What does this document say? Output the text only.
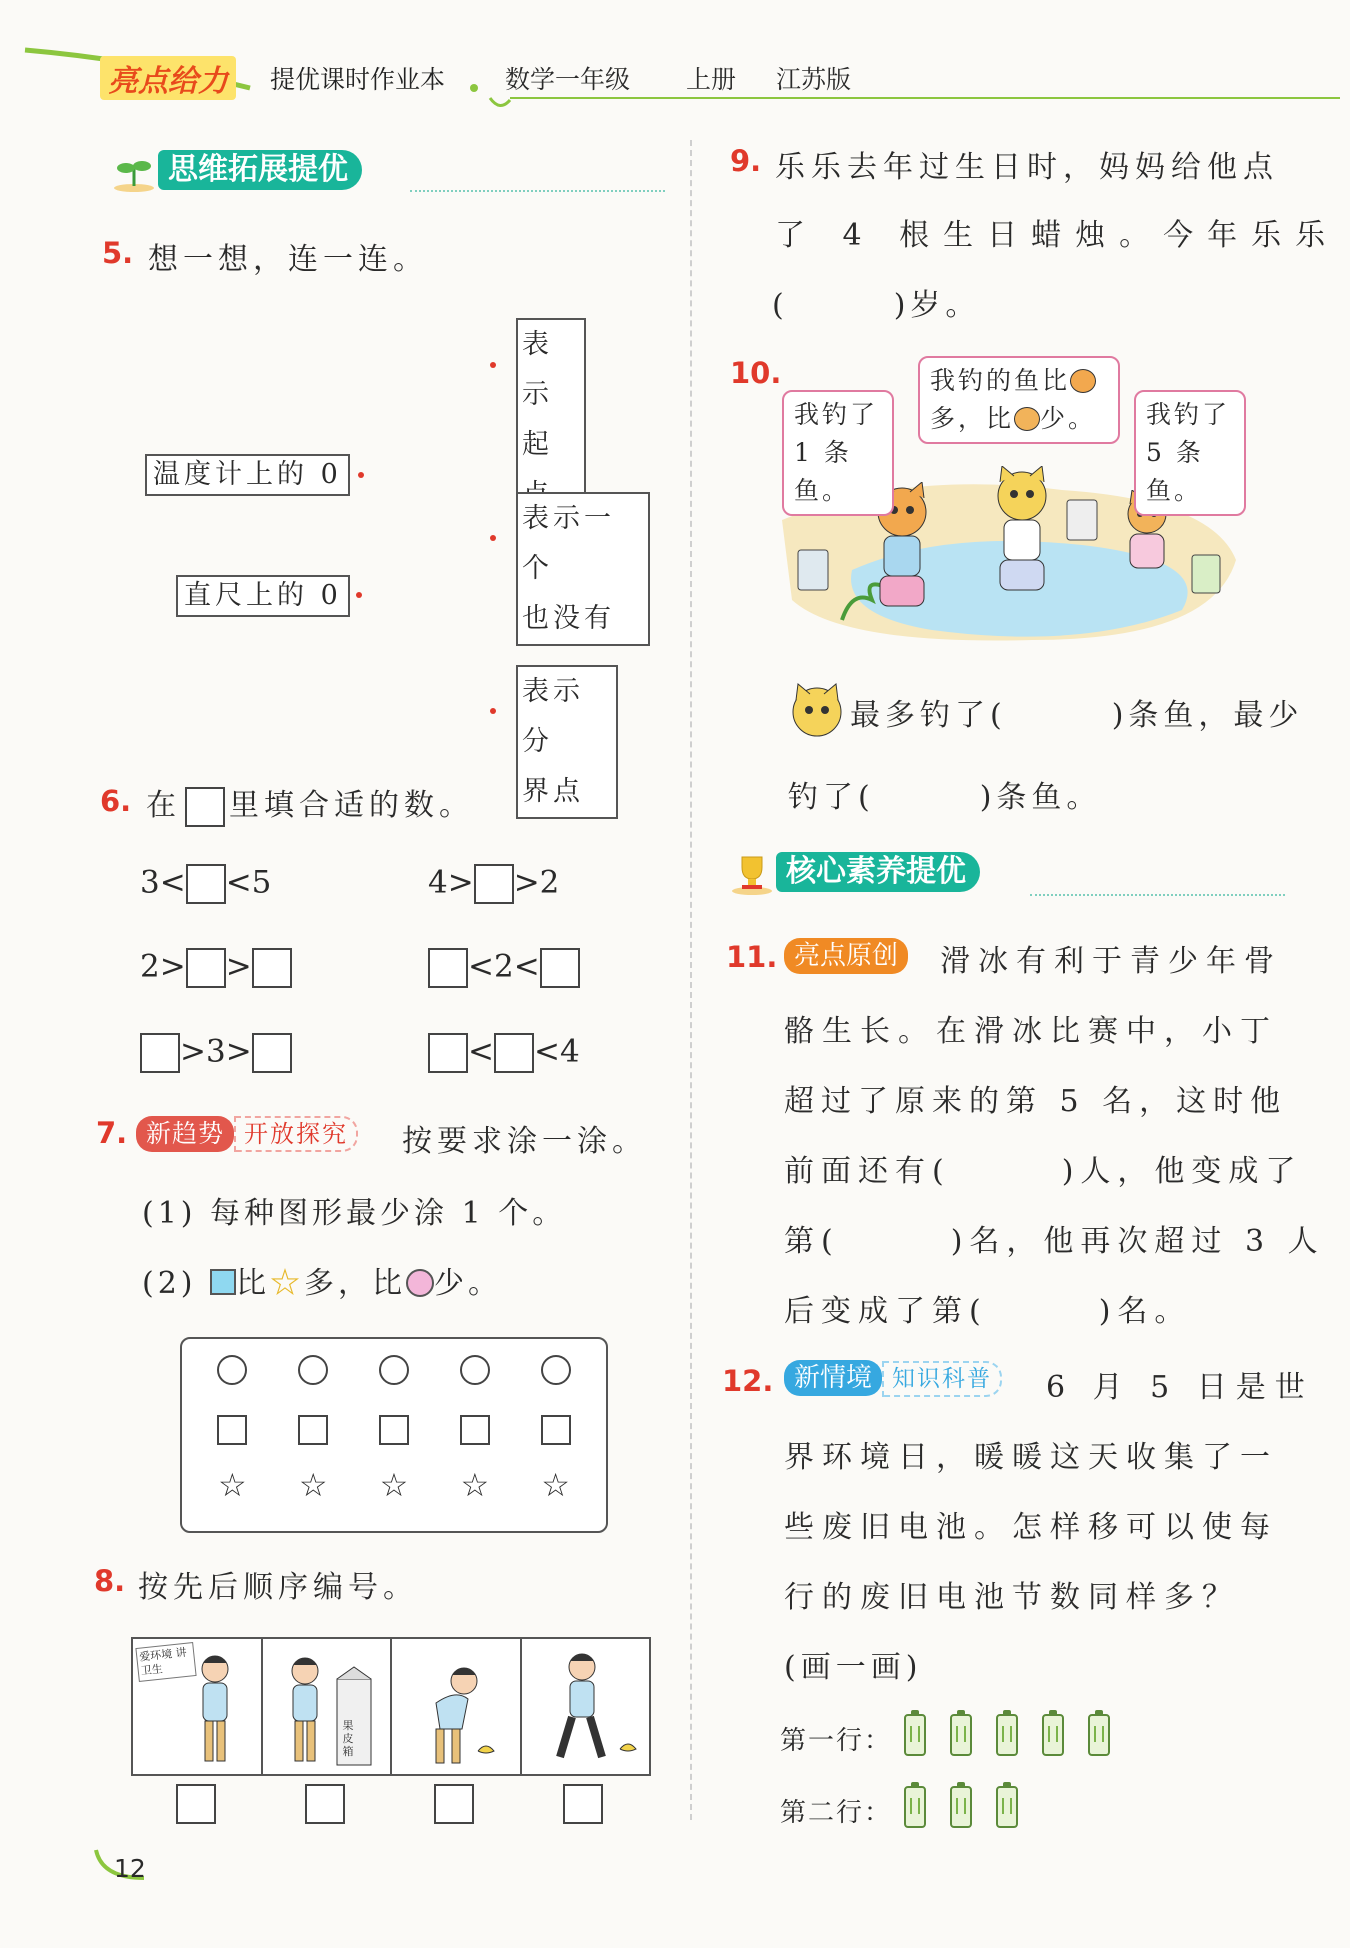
亮点给力	提优课时作业本 数学一年级 上册 江苏版
思维拓展提优
5. 想一想，连一连。
温度计上的 0
直尺上的 0
表示
起
表示一个
也没有
表示分
界点
6. 在 里填合适的数。
3< <5	4> >2
2> >	<2<
>3>	< <4
7. 新趋势 开放探究	按要求涂一涂。
(1) 每种图形最少涂 1 个。
(2) 比☆多，比 少。
☆ ☆ ☆ ☆ ☆
8. 按先后顺序编号。
爱环境 讲卫生
果皮箱
12
9. 乐乐去年过生日时，妈妈给他点
了 4 根生日蜡烛。今年乐乐
(　　　)岁。
10.
我钓了
1 条鱼。
我钓的鱼比
多，比 少。	我钓了
5 条鱼。
最多钓了(　　　)条鱼，最少
钓了(　　　)条鱼。
核心素养提优
11. 亮点原创	滑冰有利于青少年骨
骼生长。在滑冰比赛中，小丁
超过了原来的第 5 名，这时他
前面还有(　　　)人，他变成了
第(　　　)名，他再次超过 3 人
后变成了第(　　　)名。
12. 新情境 知识科普	6 月 5 日是世
界环境日，暖暖这天收集了一
些废旧电池。怎样移可以使每
行的废旧电池节数同样多？
(画一画)
第一行：
第二行：
